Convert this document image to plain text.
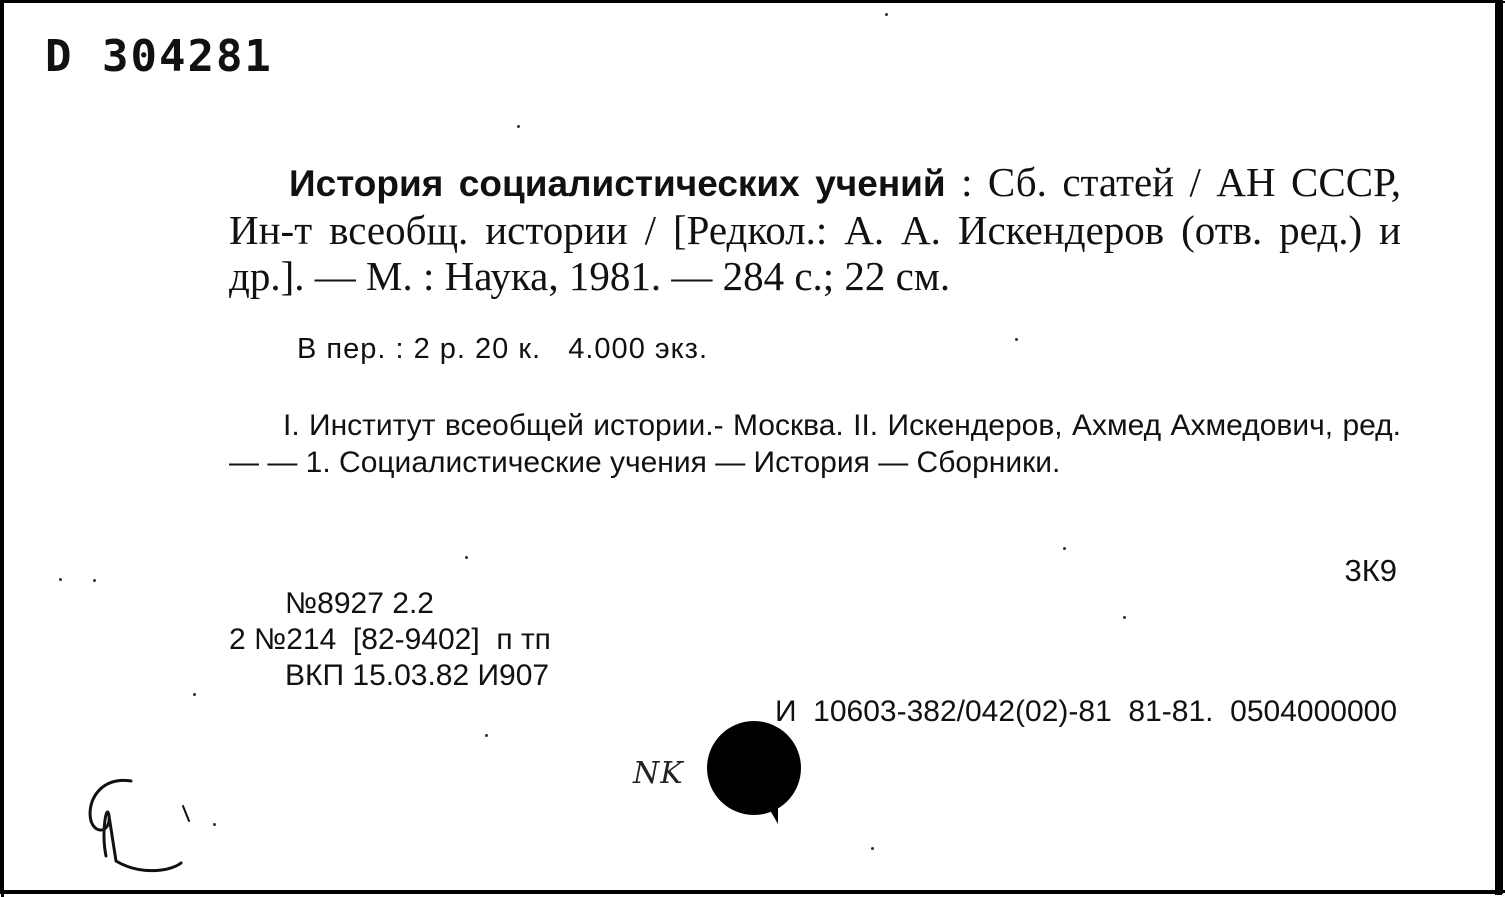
D 304281
История социалистических учений : Сб. статей / АН СССР, Ин-т всеобщ. истории / [Редкол.: А. А. Искендеров (отв. ред.) и др.]. — М. : Наука, 1981. — 284 с.; 22 см.
В пер. : 2 р. 20 к.   4.000 экз.
I. Институт всеобщей истории.- Москва. II. Искендеров, Ахмед Ахмедович, ред. — — 1. Социалистические учения — История — Сборники.
3К9
№8927 2.2
2 №214  [82-9402]  п тп
ВКП 15.03.82 И907
И  10603-382/042(02)-81  81-81.  0504000000
NK
